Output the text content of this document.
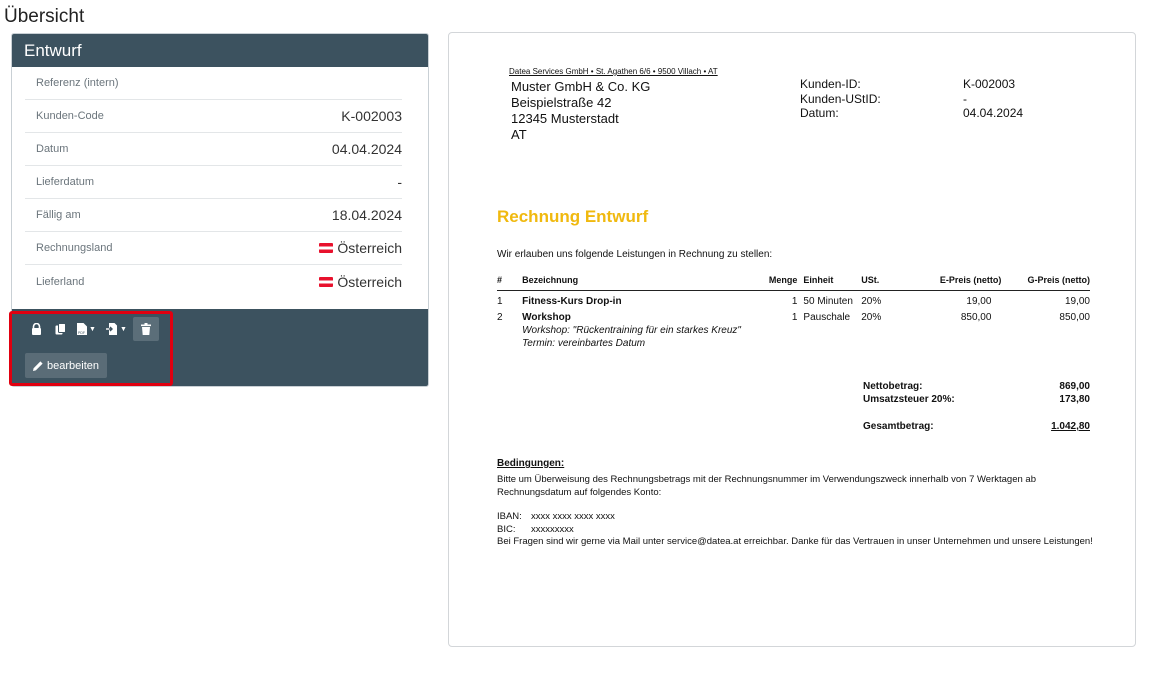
Übersicht
Entwurf
Referenz (intern)
Kunden-Code	K-002003
Datum	04.04.2024
Lieferdatum	-
Fällig am	18.04.2024
Rechnungsland	Österreich
Lieferland	Österreich
PDF
▼	▼
bearbeiten
Datea Services GmbH • St. Agathen 6/6 • 9500 Villach • AT
Muster GmbH & Co. KG
Beispielstraße 42
12345 Musterstadt
AT
Kunden-ID:	K-002003
Kunden-UStID:	-
Datum:	04.04.2024
Rechnung Entwurf
Wir erlauben uns folgende Leistungen in Rechnung zu stellen:
#	Bezeichnung	Menge	Einheit	USt.	E-Preis (netto)	G-Preis (netto)
1	Fitness-Kurs Drop-in	1	50 Minuten	20%	19,00	19,00
2	Workshop
Workshop: "Rückentraining für ein starkes Kreuz"
Termin: vereinbartes Datum	1	Pauschale	20%	850,00	850,00
Nettobetrag:	869,00
Umsatzsteuer 20%:	173,80
Gesamtbetrag:	1.042,80
Bedingungen:
Bitte um Überweisung des Rechnungsbetrags mit der Rechnungsnummer im Verwendungszweck innerhalb von 7 Werktagen ab Rechnungsdatum auf folgendes Konto:
IBAN: xxxx xxxx xxxx xxxx
BIC:	xxxxxxxxx
Bei Fragen sind wir gerne via Mail unter service@datea.at erreichbar. Danke für das Vertrauen in unser Unternehmen und unsere Leistungen!
